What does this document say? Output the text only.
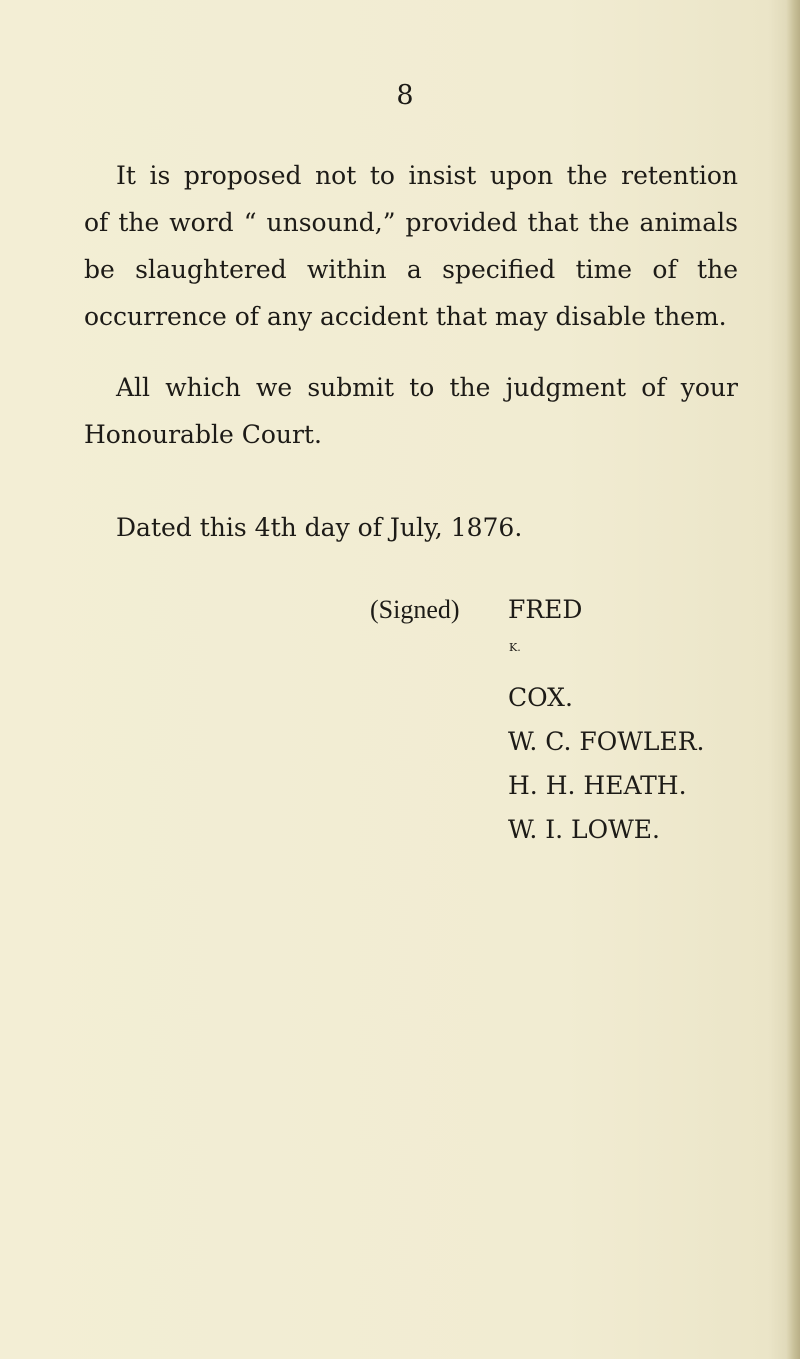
8
It is proposed not to insist upon the retention
of the word “ unsound,” provided that the animals
be slaughtered within a specified time of the
occurrence of any accident that may disable them.
All which we submit to the judgment of your
Honourable Court.
Dated this 4th day of July, 1876.
(Signed) FRED
$^{K.}$
COX.
W. C. FOWLER.
H. H. HEATH.
W. I. LOWE.
